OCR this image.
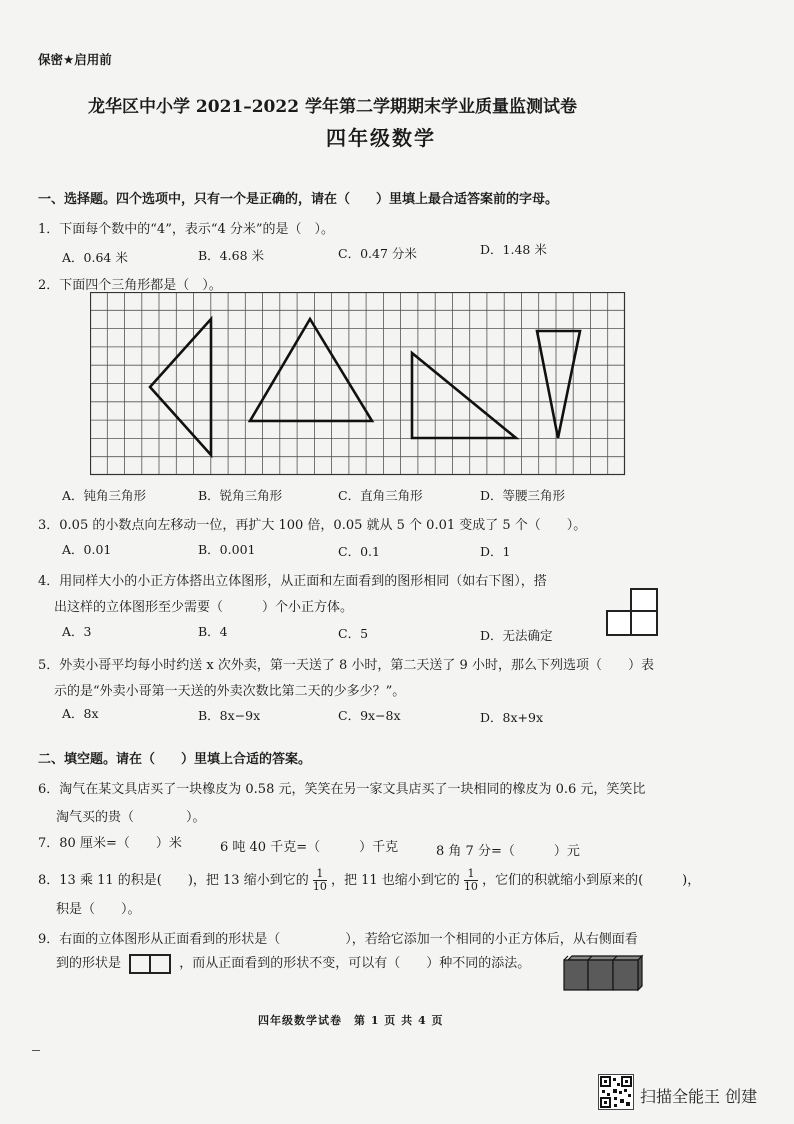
保密★启用前
龙华区中小学 2021–2022 学年第二学期期末学业质量监测试卷
四年级数学
一、选择题。四个选项中，只有一个是正确的，请在（　　）里填上最合适答案前的字母。
1．下面每个数中的“4”，表示“4 分米”的是（　）。
A．0.64 米	B．4.68 米	C．0.47 分米	D．1.48 米
2．下面四个三角形都是（　）。
A．钝角三角形	B．锐角三角形	C．直角三角形	D．等腰三角形
3．0.05 的小数点向左移动一位，再扩大 100 倍，0.05 就从 5 个 0.01 变成了 5 个（　　）。
A．0.01	B．0.001	C．0.1	D．1
4．用同样大小的小正方体搭出立体图形，从正面和左面看到的图形相同（如右下图），搭
出这样的立体图形至少需要（　　　）个小正方体。
A．3	B．4	C．5	D．无法确定
5．外卖小哥平均每小时约送 x 次外卖，第一天送了 8 小时，第二天送了 9 小时，那么下列选项（　　）表
示的是“外卖小哥第一天送的外卖次数比第二天的少多少？”。
A．8x	B．8x−9x	C．9x−8x	D．8x+9x
二、填空题。请在（　　）里填上合适的答案。
6．淘气在某文具店买了一块橡皮为 0.58 元，笑笑在另一家文具店买了一块相同的橡皮为 0.6 元，笑笑比
淘气买的贵（　　　　）。
7．80 厘米=（　　）米	6 吨 40 千克=（　　　）千克	8 角 7 分=（　　　）元
8．13 乘 11 的积是(　　)，把 13 缩小到它的 $\frac{1}{10}$ ，把 11 也缩小到它的 $\frac{1}{10}$ ，它们的积就缩小到原来的(　　　)，
积是（　　）。
9．右面的立体图形从正面看到的形状是（　　　　　），若给它添加一个相同的小正方体后，从右侧面看
到的形状是	，而从正面看到的形状不变，可以有（　　）种不同的添法。
四年级数学试卷　第 1 页 共 4 页
扫描全能王 创建
